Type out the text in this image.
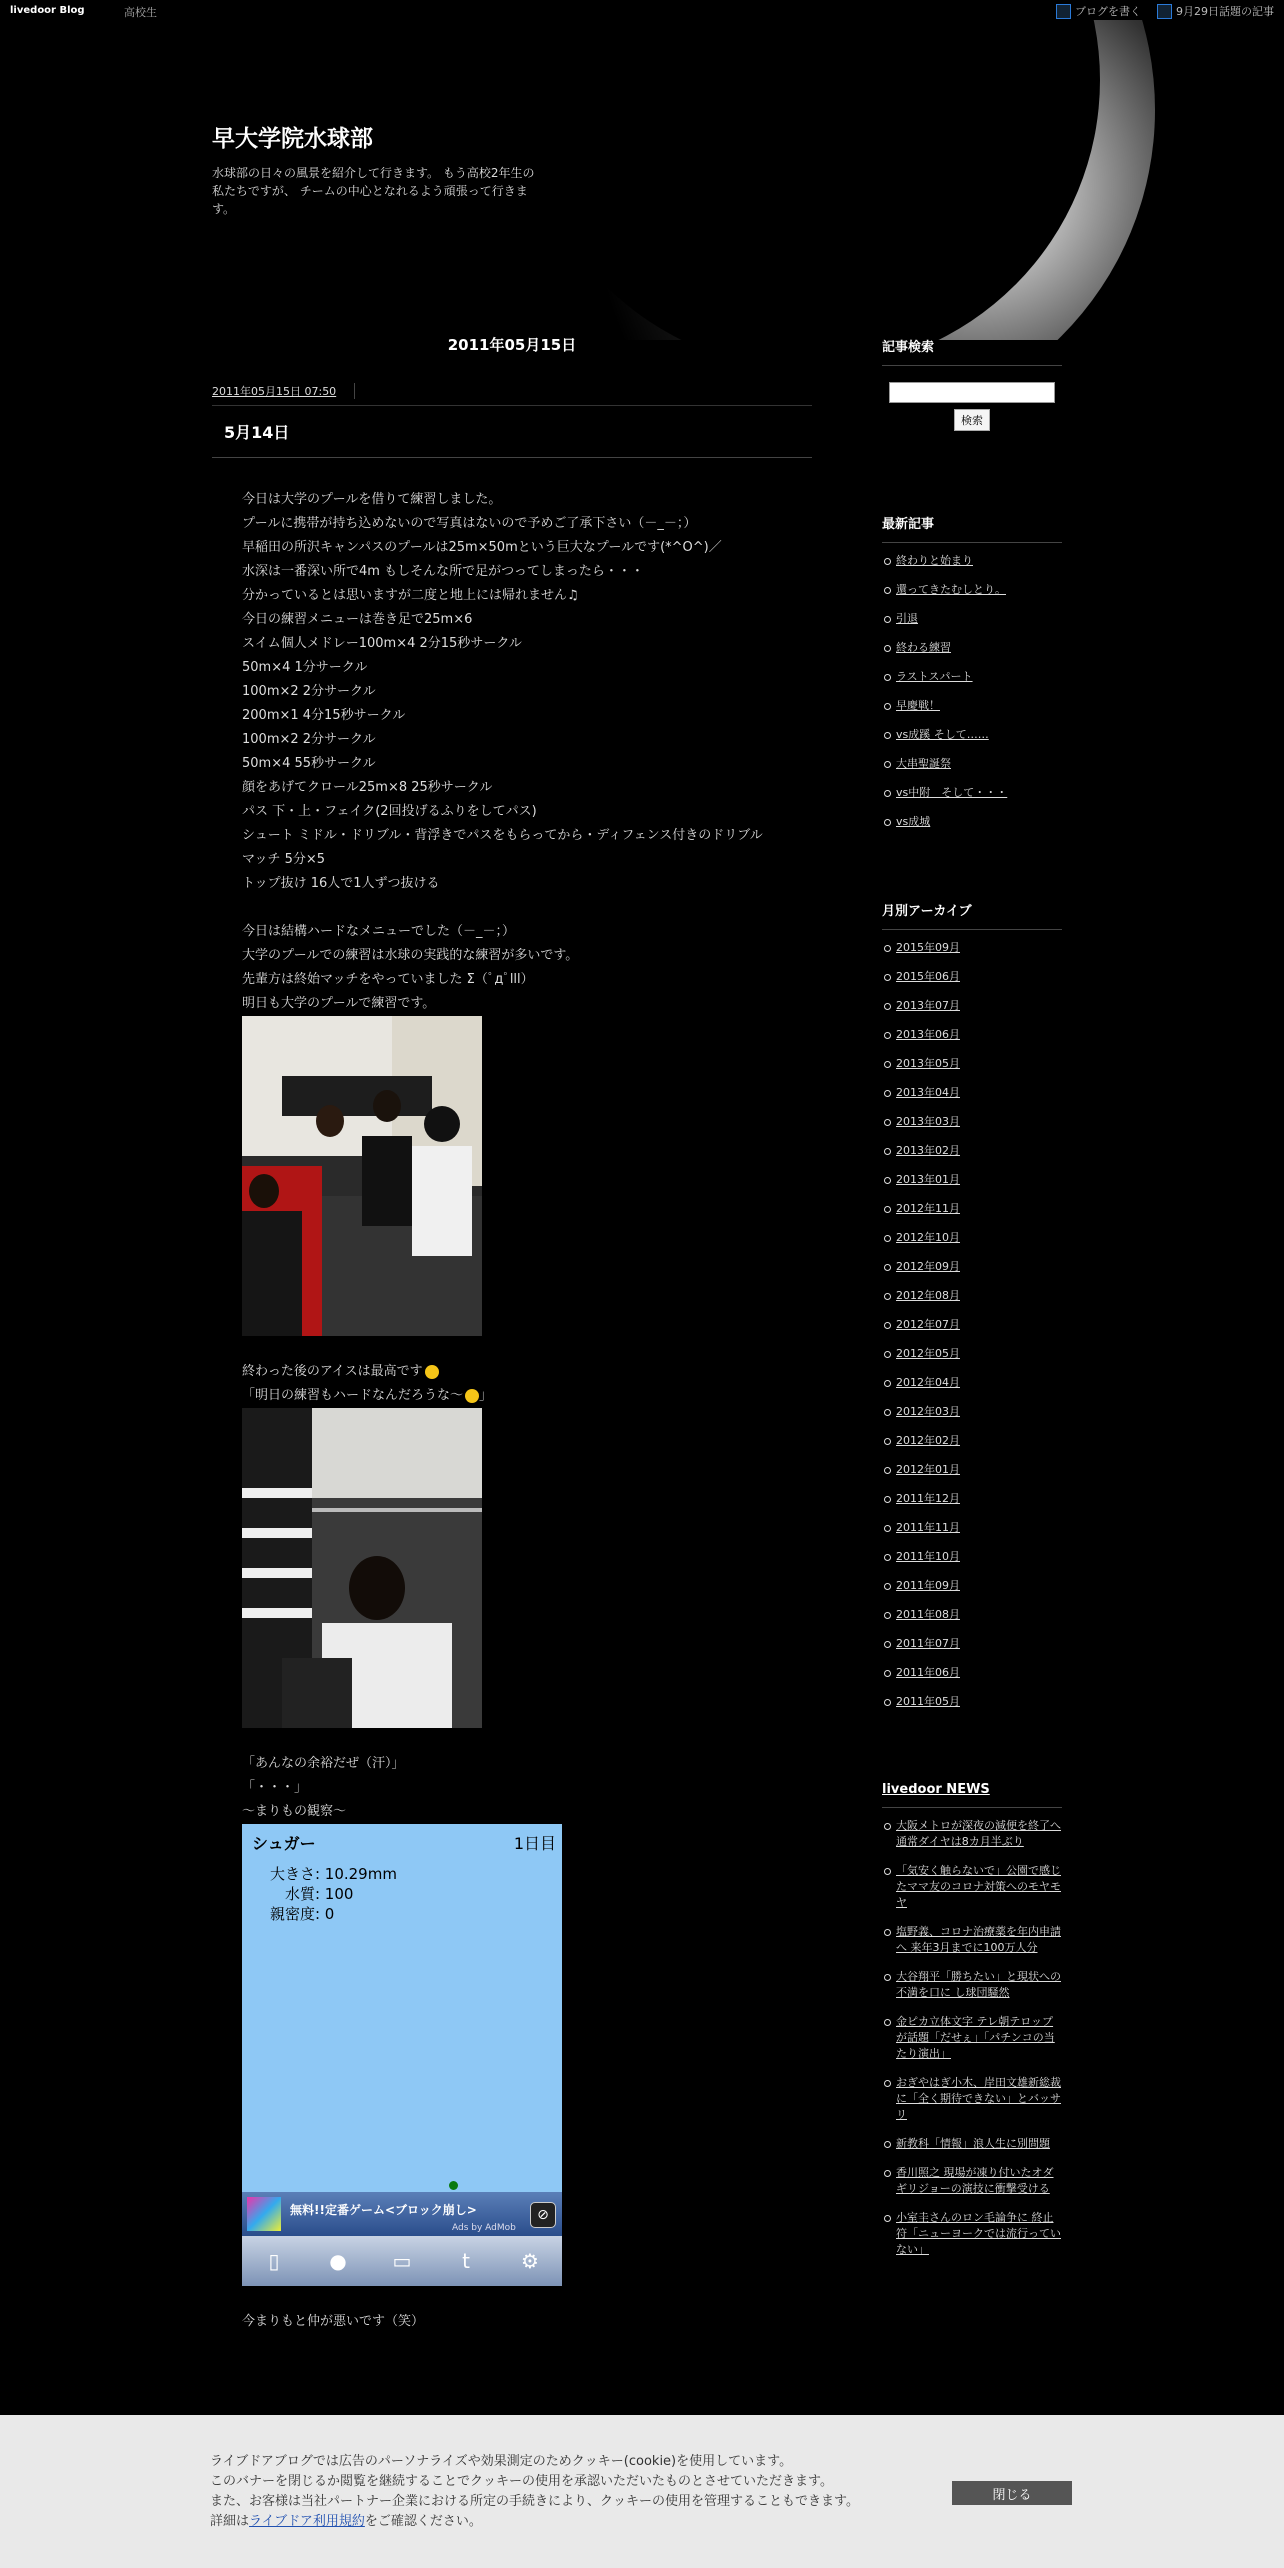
livedoor Blog	高校生	ブログを書く	9月29日話題の記事
早大学院水球部
水球部の日々の風景を紹介して行きます。 もう高校2年生の私たちですが、 チームの中心となれるよう頑張って行きます。
2011年05月15日
2011年05月15日 07:50
5月14日

今日は大学のプールを借りて練習しました。

プールに携帯が持ち込めないので写真はないので予めご了承下さい（－_－；）

早稲田の所沢キャンパスのプールは25m×50mという巨大なプールです(*^O^)／

水深は一番深い所で4m もしそんな所で足がつってしまったら・・・

分かっているとは思いますが二度と地上には帰れません♫

今日の練習メニューは巻き足で25m×6

スイム個人メドレー100m×4 2分15秒サークル

50m×4 1分サークル

100m×2 2分サークル

200m×1 4分15秒サークル

100m×2 2分サークル

50m×4 55秒サークル

顔をあげてクロール25m×8 25秒サークル

パス 下・上・フェイク(2回投げるふりをしてパス)

シュート ミドル・ドリブル・背浮きでパスをもらってから・ディフェンス付きのドリブル

マッチ 5分×5

トップ抜け 16人で1人ずつ抜ける

今日は結構ハードなメニューでした（－_－；）

大学のプールでの練習は水球の実践的な練習が多いです。

先輩方は終始マッチをやっていました Σ（ﾟдﾟlll）

明日も大学のプールで練習です。

終わった後のアイスは最高です

「明日の練習もハードなんだろうな～ 」

「あんなの余裕だぜ（汗）」

「・・・」

～まりもの観察～

シュガー	1日目
大きさ: 10.29mm
水質: 100
親密度: 0
無料!!定番ゲーム<ブロック崩し>
Ads by AdMob
⊘
▯	● ▭	t	⚙

今まりもと仲が悪いです（笑）

記事検索
検索
最新記事
終わりと始まり
還ってきたむしとり。
引退
終わる練習
ラストスパート
早慶戦！
vs成蹊 そして……
大串聖誕祭
vs中附　そして・・・
vs成城
月別アーカイブ
2015年09月
2015年06月
2013年07月
2013年06月
2013年05月
2013年04月
2013年03月
2013年02月
2013年01月
2012年11月
2012年10月
2012年09月
2012年08月
2012年07月
2012年05月
2012年04月
2012年03月
2012年02月
2012年01月
2011年12月
2011年11月
2011年10月
2011年09月
2011年08月
2011年07月
2011年06月
2011年05月
livedoor NEWS
大阪メトロが深夜の減便を終了へ 通常ダイヤは8カ月半ぶり
「気安く触らないで」公園で感じたママ友のコロナ対策へのモヤモヤ
塩野義、コロナ治療薬を年内申請へ 来年3月までに100万人分
大谷翔平「勝ちたい」と現状への不満を口に し球団騒然
金ピカ立体文字 テレ朝テロップが話題「だせぇ」「パチンコの当たり演出」
おぎやはぎ小木、岸田文雄新総裁に「全く期待できない」とバッサリ
新教科「情報」浪人生に別問題
香川照之 現場が凍り付いたオダギリジョーの演技に衝撃受ける
小室圭さんのロン毛論争に 終止符「ニューヨークでは流行っていない」
ライブドアブログでは広告のパーソナライズや効果測定のためクッキー(cookie)を使用しています。
このバナーを閉じるか閲覧を継続することでクッキーの使用を承認いただいたものとさせていただきます。
また、お客様は当社パートナー企業における所定の手続きにより、クッキーの使用を管理することもできます。
詳細はライブドア利用規約をご確認ください。
閉じる
